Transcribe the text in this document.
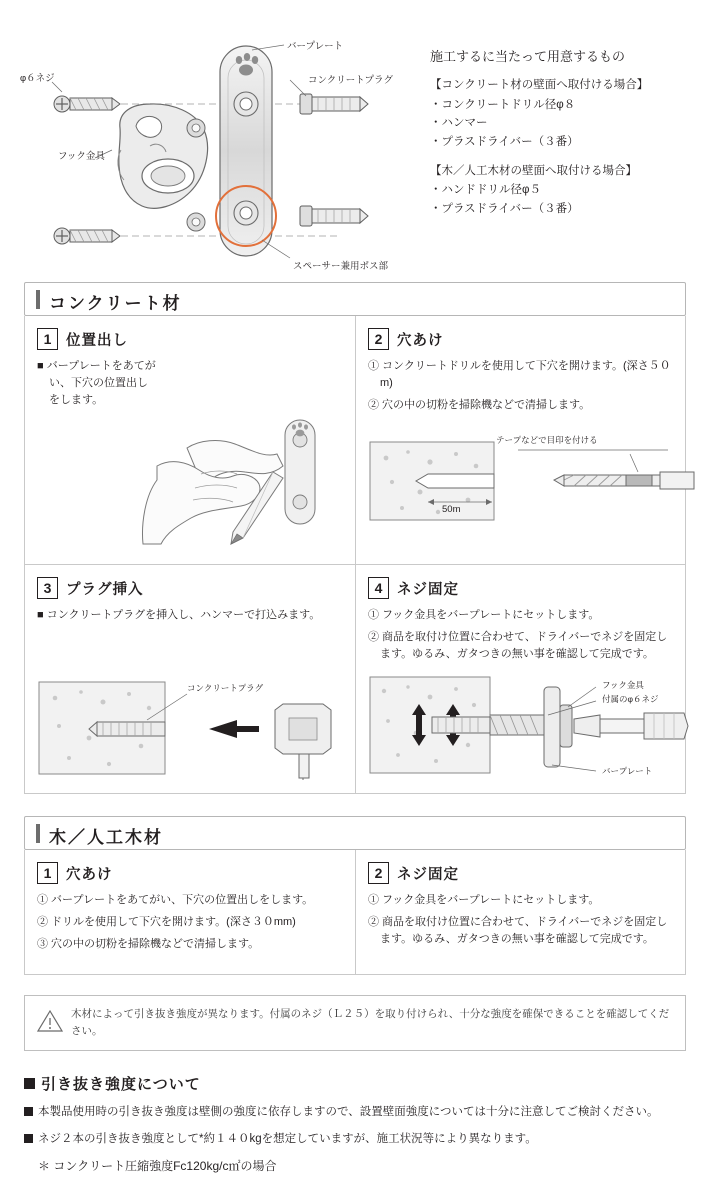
φ６ネジ
フック金具
バープレート
コンクリートプラグ
スペーサー兼用ボス部
施工するに当たって用意するもの
【コンクリート材の壁面へ取付ける場合】
・コンクリートドリル径φ８
・ハンマー
・プラスドライバー（３番）
【木／人工木材の壁面へ取付ける場合】
・ハンドドリル径φ５
・プラスドライバー（３番）
コンクリート材
1	位置出し

■ バープレートをあてがい、下穴の位置出しをします。

2	穴あけ

① コンクリートドリルを使用して下穴を開けます。(深さ５０m)

② 穴の中の切粉を掃除機などで清掃します。

テープなどで目印を付ける
50m
3	プラグ挿入

■ コンクリートプラグを挿入し、ハンマーで打込みます。

コンクリートプラグ
4	ネジ固定

① フック金具をバープレートにセットします。

② 商品を取付け位置に合わせて、ドライバーでネジを固定します。ゆるみ、ガタつきの無い事を確認して完成です。

フック金具
付属のφ６ネジ
バープレート
木／人工木材
1	穴あけ

① バープレートをあてがい、下穴の位置出しをします。

② ドリルを使用して下穴を開けます。(深さ３０mm)

③ 穴の中の切粉を掃除機などで清掃します。

2	ネジ固定

① フック金具をバープレートにセットします。

② 商品を取付け位置に合わせて、ドライバーでネジを固定します。ゆるみ、ガタつきの無い事を確認して完成です。

木材によって引き抜き強度が異なります。付属のネジ（Ｌ２５）を取り付けられ、十分な強度を確保できることを確認してください。
引き抜き強度について

本製品使用時の引き抜き強度は壁側の強度に依存しますので、設置壁面強度については十分に注意してご検討ください。

ネジ２本の引き抜き強度として*約１４０kgを想定していますが、施工状況等により異なります。

＊ コンクリート圧縮強度Fc120kg/c㎡の場合
